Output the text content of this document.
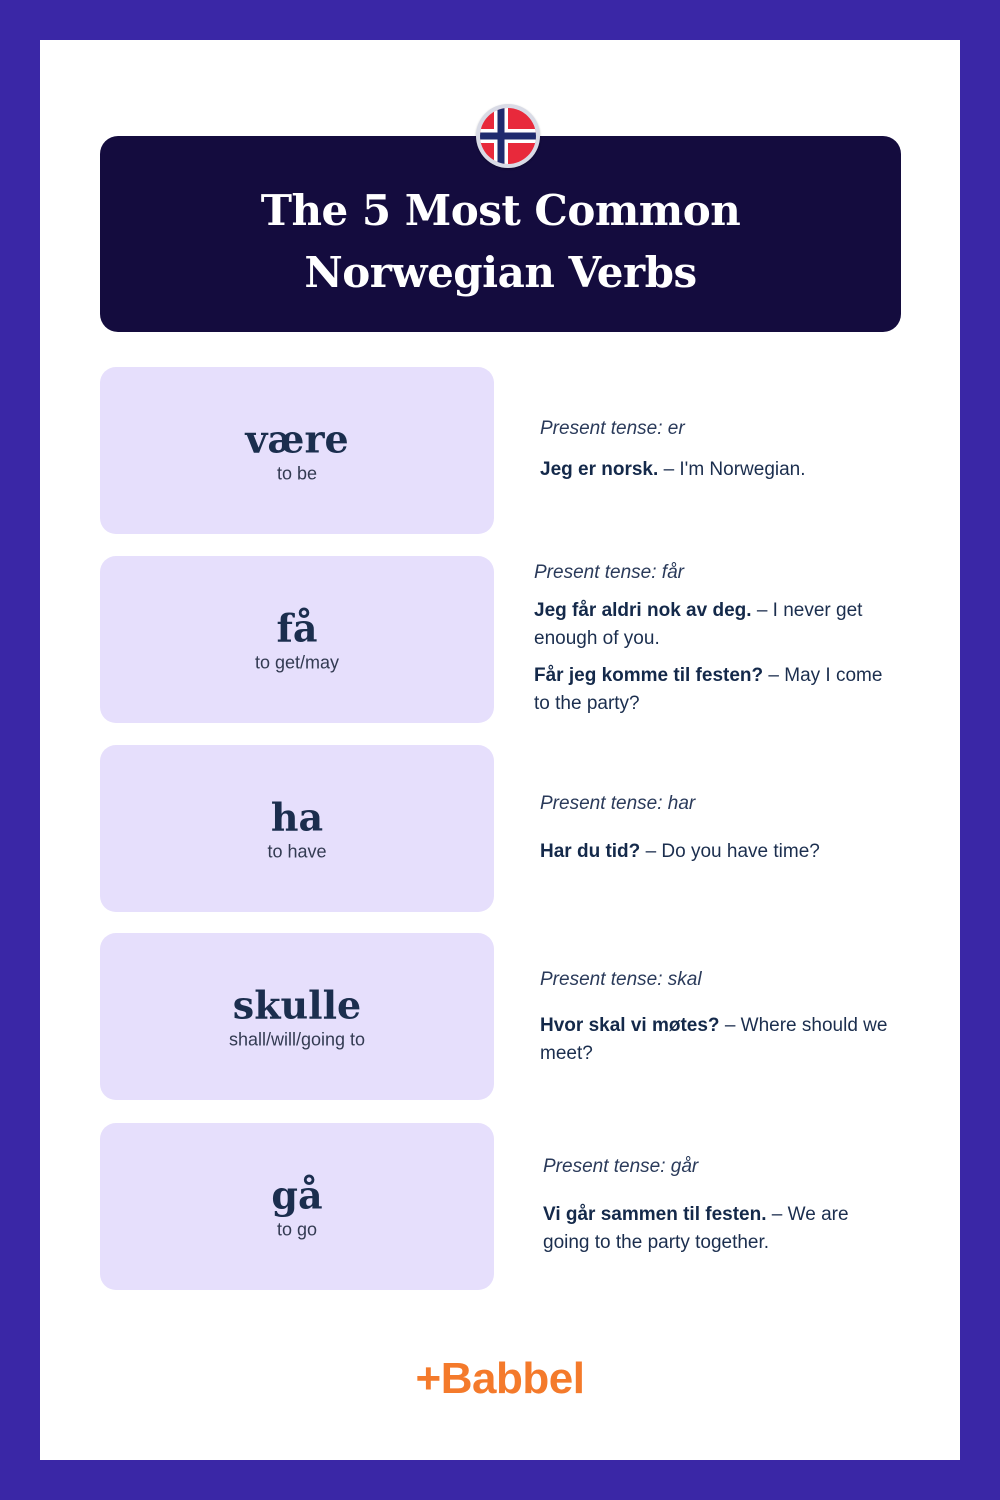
The 5 Most Common
Norwegian Verbs
være
to be
Present tense: er
Jeg er norsk. – I'm Norwegian.
få
to get/may
Present tense: får
Jeg får aldri nok av deg. – I never get enough of you.
Får jeg komme til festen? – May I come to the party?
ha
to have
Present tense: har
Har du tid? – Do you have time?
skulle
shall/will/going to
Present tense: skal
Hvor skal vi møtes? – Where should we meet?
gå
to go
Present tense: går
Vi går sammen til festen. – We are going to the party together.
+Babbel
